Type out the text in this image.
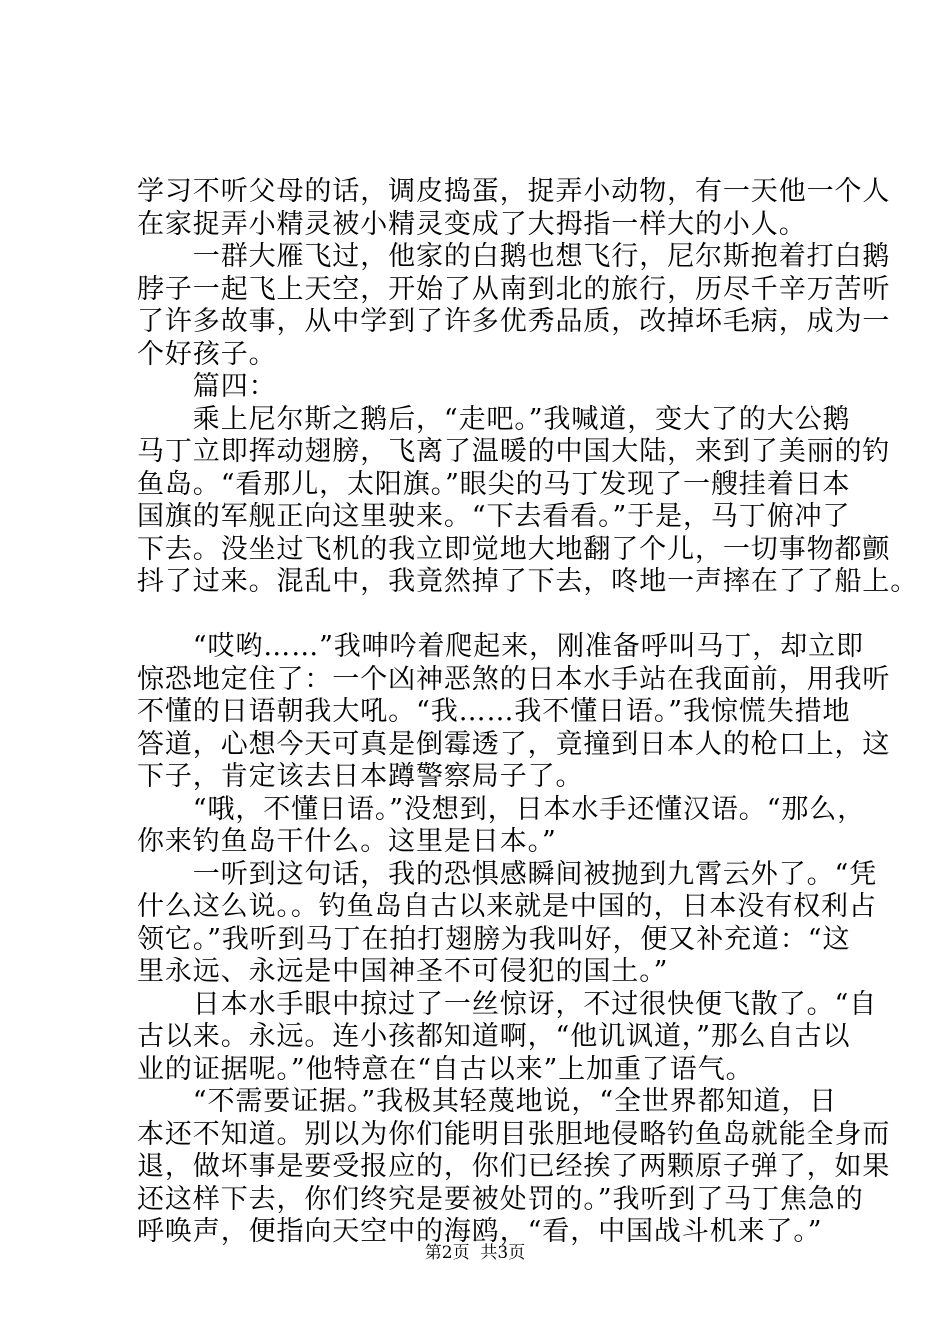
学习不听父母的话，调皮捣蛋，捉弄小动物，有一天他一个人
在家捉弄小精灵被小精灵变成了大拇指一样大的小人。
　　一群大雁飞过，他家的白鹅也想飞行，尼尔斯抱着打白鹅
脖子一起飞上天空，开始了从南到北的旅行，历尽千辛万苦听
了许多故事，从中学到了许多优秀品质，改掉坏毛病，成为一
个好孩子。
　　篇四：
　　乘上尼尔斯之鹅后，“走吧。”我喊道，变大了的大公鹅
马丁立即挥动翅膀，飞离了温暖的中国大陆，来到了美丽的钓
鱼岛。“看那儿，太阳旗。”眼尖的马丁发现了一艘挂着日本
国旗的军舰正向这里驶来。“下去看看。”于是，马丁俯冲了
下去。没坐过飞机的我立即觉地大地翻了个儿，一切事物都颤
抖了过来。混乱中，我竟然掉了下去，咚地一声摔在了了船上。
　　“哎哟……”我呻吟着爬起来，刚准备呼叫马丁，却立即
惊恐地定住了：一个凶神恶煞的日本水手站在我面前，用我听
不懂的日语朝我大吼。“我……我不懂日语。”我惊慌失措地
答道，心想今天可真是倒霉透了，竟撞到日本人的枪口上，这
下子，肯定该去日本蹲警察局子了。
　　“哦，不懂日语。”没想到，日本水手还懂汉语。“那么，
你来钓鱼岛干什么。这里是日本。”
　　一听到这句话，我的恐惧感瞬间被抛到九霄云外了。“凭
什么这么说。。钓鱼岛自古以来就是中国的，日本没有权利占
领它。”我听到马丁在拍打翅膀为我叫好，便又补充道：“这
里永远、永远是中国神圣不可侵犯的国土。”
　　日本水手眼中掠过了一丝惊讶，不过很快便飞散了。“自
古以来。永远。连小孩都知道啊，“他讥讽道，”那么自古以
业的证据呢。”他特意在“自古以来”上加重了语气。
　　“不需要证据。”我极其轻蔑地说，“全世界都知道，日
本还不知道。别以为你们能明目张胆地侵略钓鱼岛就能全身而
退，做坏事是要受报应的，你们已经挨了两颗原子弹了，如果
还这样下去，你们终究是要被处罚的。”我听到了马丁焦急的
呼唤声，便指向天空中的海鸥，“看，中国战斗机来了。”
第2页  共3页
